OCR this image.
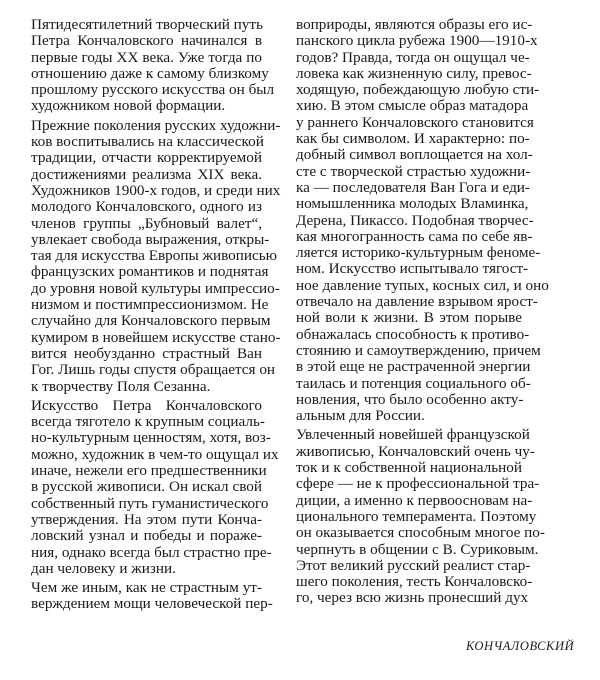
Пятидесятилетний творческий путь
Петра Кончаловского начинался в
первые годы XX века. Уже тогда по
отношению даже к самому близкому
прошлому русского искусства он был
художником новой формации.
Прежние поколения русских художни-
ков воспитывались на классической
традиции, отчасти корректируемой
достижениями реализма XIX века.
Художников 1900-х годов, и среди них
молодого Кончаловского, одного из
членов группы „Бубновый валет“,
увлекает свобода выражения, откры-
тая для искусства Европы живописью
французских романтиков и поднятая
до уровня новой культуры импрессио-
низмом и постимпрессионизмом. Не
случайно для Кончаловского первым
кумиром в новейшем искусстве стано-
вится необузданно страстный Ван
Гог. Лишь годы спустя обращается он
к творчеству Поля Сезанна.
Искусство Петра Кончаловского
всегда тяготело к крупным социаль-
но-культурным ценностям, хотя, воз-
можно, художник в чем-то ощущал их
иначе, нежели его предшественники
в русской живописи. Он искал свой
собственный путь гуманистического
утверждения. На этом пути Конча-
ловский узнал и победы и пораже-
ния, однако всегда был страстно пре-
дан человеку и жизни.
Чем же иным, как не страстным ут-
верждением мощи человеческой пер-
воприроды, являются образы его ис-
панского цикла рубежа 1900—1910-х
годов? Правда, тогда он ощущал че-
ловека как жизненную силу, превос-
ходящую, побеждающую любую сти-
хию. В этом смысле образ матадора
у раннего Кончаловского становится
как бы символом. И характерно: по-
добный символ воплощается на хол-
сте с творческой страстью художни-
ка — последователя Ван Гога и еди-
номышленника молодых Вламинка,
Дерена, Пикассо. Подобная творчес-
кая многогранность сама по себе яв-
ляется историко-культурным феноме-
ном. Искусство испытывало тягост-
ное давление тупых, косных сил, и оно
отвечало на давление взрывом ярост-
ной воли к жизни. В этом порыве
обнажалась способность к противо-
стоянию и самоутверждению, причем
в этой еще не растраченной энергии
таилась и потенция социального об-
новления, что было особенно акту-
альным для России.
Увлеченный новейшей французской
живописью, Кончаловский очень чу-
ток и к собственной национальной
сфере — не к профессиональной тра-
диции, а именно к первоосновам на-
ционального темперамента. Поэтому
он оказывается способным многое по-
черпнуть в общении с В. Суриковым.
Этот великий русский реалист стар-
шего поколения, тесть Кончаловско-
го, через всю жизнь пронесший дух
КОНЧАЛОВСКИЙ
